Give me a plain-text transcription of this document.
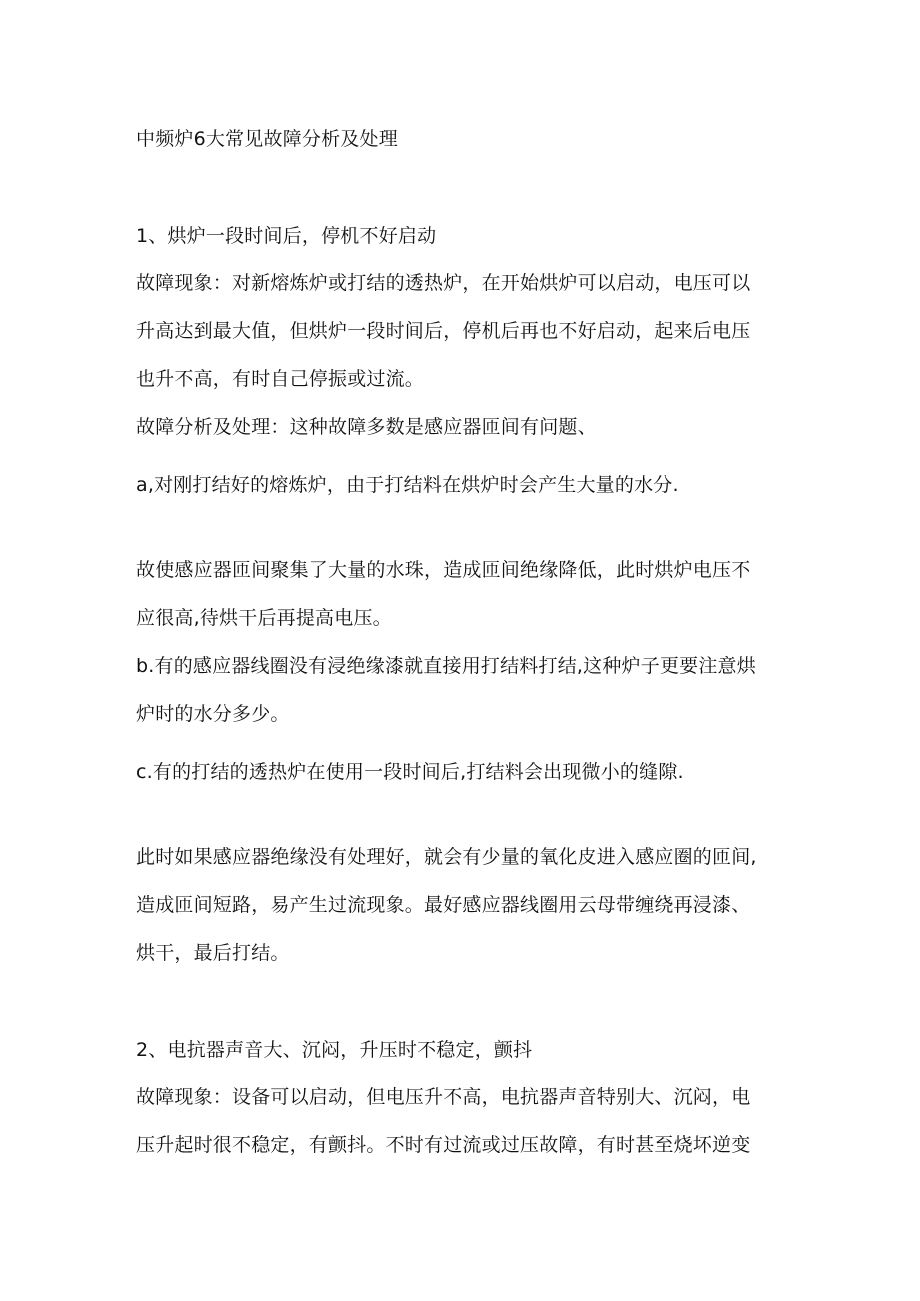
中频炉6大常见故障分析及处理

1、烘炉一段时间后，停机不好启动

故障现象：对新熔炼炉或打结的透热炉，在开始烘炉可以启动，电压可以

升高达到最大值，但烘炉一段时间后，停机后再也不好启动，起来后电压

也升不高，有时自己停振或过流。

故障分析及处理：这种故障多数是感应器匝间有问题、

a,对刚打结好的熔炼炉，由于打结料在烘炉时会产生大量的水分.

故使感应器匝间聚集了大量的水珠，造成匝间绝缘降低，此时烘炉电压不

应很高,待烘干后再提高电压。

b.有的感应器线圈没有浸绝缘漆就直接用打结料打结,这种炉子更要注意烘

炉时的水分多少。

c.有的打结的透热炉在使用一段时间后,打结料会出现微小的缝隙.

此时如果感应器绝缘没有处理好，就会有少量的氧化皮进入感应圈的匝间,

造成匝间短路，易产生过流现象。最好感应器线圈用云母带缠绕再浸漆、

烘干，最后打结。

2、电抗器声音大、沉闷，升压时不稳定，颤抖

故障现象：设备可以启动，但电压升不高，电抗器声音特别大、沉闷，电

压升起时很不稳定，有颤抖。不时有过流或过压故障，有时甚至烧坏逆变
